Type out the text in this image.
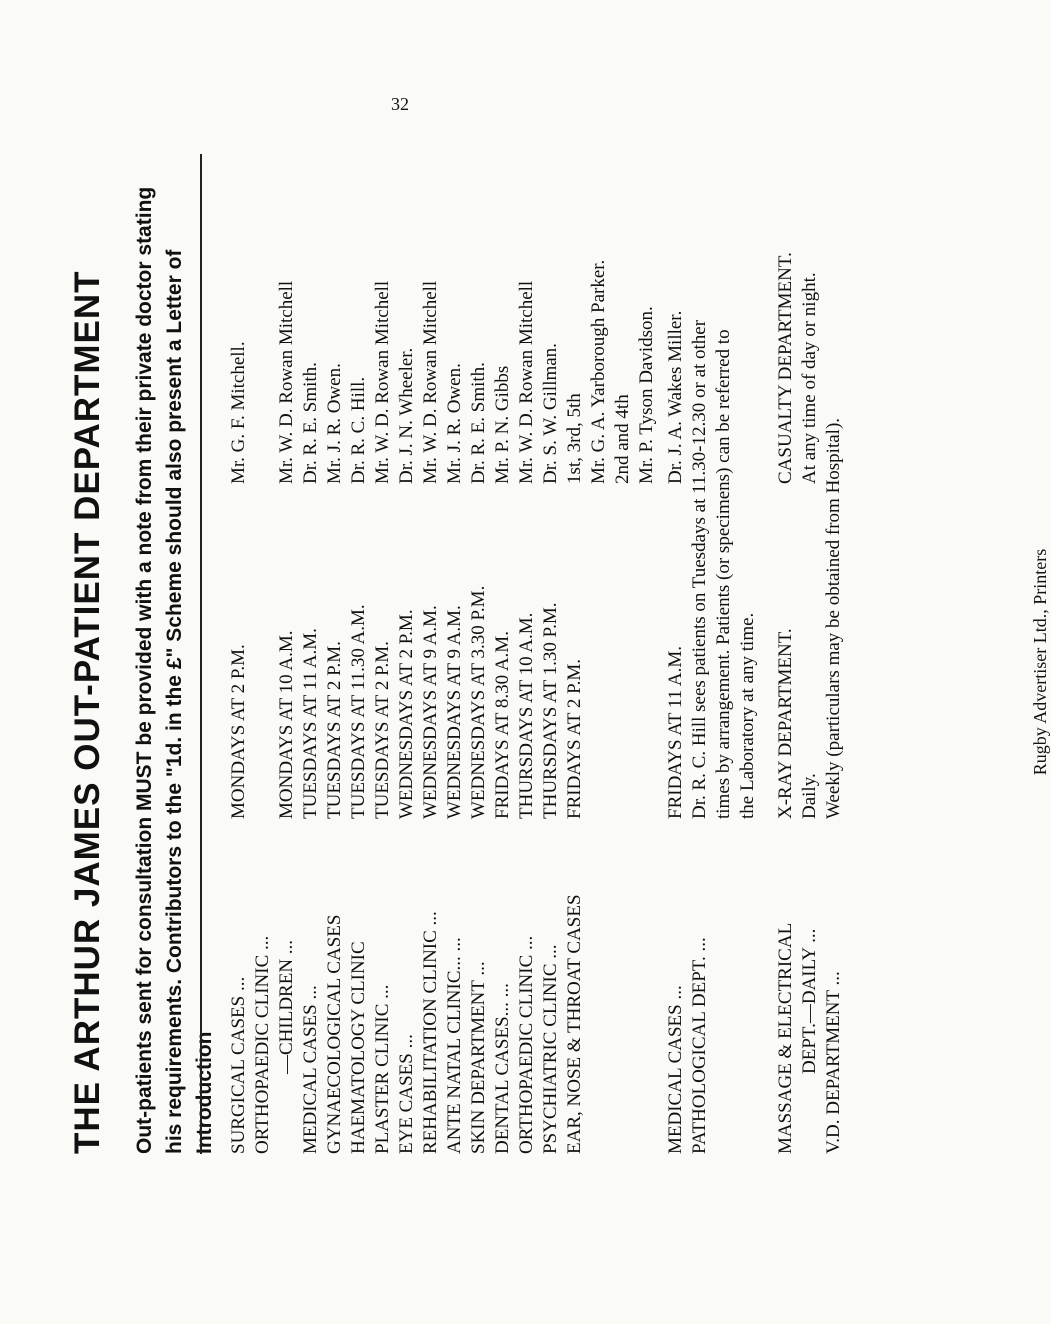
32
THE ARTHUR JAMES OUT-PATIENT DEPARTMENT Out-patients sent for consultation MUST be provided with a note from their private doctor stating his requirements. Contributors to the "1d. in the £" Scheme should also present a Letter of Introduction SURGICAL CASES ...
MONDAYS AT 2 P.M.
Mr. G. F. Mitchell.
ORTHOPAEDIC CLINIC ... —CHILDREN ...
MONDAYS AT 10 A.M.
Mr. W. D. Rowan Mitchell
MEDICAL CASES ...
TUESDAYS AT 11 A.M.
Dr. R. E. Smith.
GYNAECOLOGICAL CASES
TUESDAYS AT 2 P.M.
Mr. J. R. Owen.
HAEMATOLOGY CLINIC
TUESDAYS AT 11.30 A.M.
Dr. R. C. Hill.
PLASTER CLINIC ...
TUESDAYS AT 2 P.M.
Mr. W. D. Rowan Mitchell
EYE CASES ...
WEDNESDAYS AT 2 P.M.
Dr. J. N. Wheeler.
REHABILITATION CLINIC ...
WEDNESDAYS AT 9 A.M.
Mr. W. D. Rowan Mitchell
ANTE NATAL CLINIC... ...
WEDNESDAYS AT 9 A.M.
Mr. J. R. Owen.
SKIN DEPARTMENT ...
WEDNESDAYS AT 3.30 P.M.
Dr. R. E. Smith.
DENTAL CASES... ...
FRIDAYS AT 8.30 A.M.
Mr. P. N. Gibbs
ORTHOPAEDIC CLINIC ...
THURSDAYS AT 10 A.M.
Mr. W. D. Rowan Mitchell
PSYCHIATRIC CLINIC ...
THURSDAYS AT 1.30 P.M.
Dr. S. W. Gillman.
EAR, NOSE & THROAT CASES
FRIDAYS AT 2 P.M.
1st, 3rd, 5th Mr. G. A. Yarborough Parker. 2nd and 4th Mr. P. Tyson Davidson.
MEDICAL CASES ...
FRIDAYS AT 11 A.M.
Dr. J. A. Wakes Miller.
PATHOLOGICAL DEPT. ...
Dr. R. C. Hill sees patients on Tuesdays at 11.30-12.30 or at other times by arrangement. Patients (or specimens) can be referred to the Laboratory at any time.
MASSAGE & ELECTRICAL
X-RAY DEPARTMENT.
CASUALTY DEPARTMENT.
DEPT.—DAILY ...
Daily.
At any time of day or night.
V.D. DEPARTMENT ...
Weekly (particulars may be obtained from Hospital).	Rugby Advertiser Ltd., Printers
